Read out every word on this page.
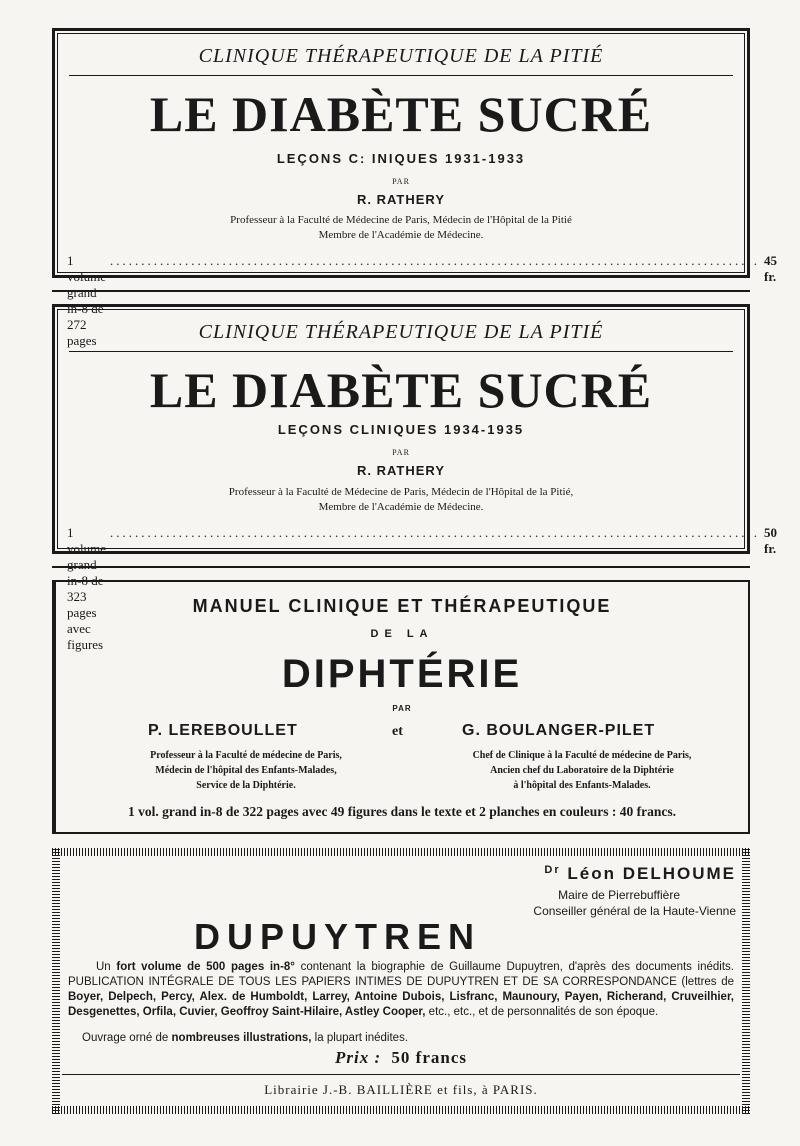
CLINIQUE THÉRAPEUTIQUE DE LA PITIÉ
LE DIABÈTE SUCRÉ
LEÇONS C: INIQUES 1931-1933
PAR
R. RATHERY
Professeur à la Faculté de Médecine de Paris, Médecin de l'Hôpital de la Pitié
Membre de l'Académie de Médecine.
1 volume grand in-8 de 272 pages
........................................................................................................ 45 fr.
CLINIQUE THÉRAPEUTIQUE DE LA PITIÉ
LE DIABÈTE SUCRÉ
LEÇONS CLINIQUES 1934-1935
PAR
R. RATHERY
Professeur à la Faculté de Médecine de Paris, Médecin de l'Hôpital de la Pitié,
Membre de l'Académie de Médecine.
1 volume grand in-8 de 323 pages avec figures
........................................................................................................ 50 fr.
MANUEL CLINIQUE ET THÉRAPEUTIQUE
DE LA
DIPHTÉRIE
PAR
P. LEREBOULLET	et	G. BOULANGER-PILET
Professeur à la Faculté de médecine de Paris,
Médecin de l'hôpital des Enfants-Malades,
Service de la Diphtérie.
Chef de Clinique à la Faculté de médecine de Paris,
Ancien chef du Laboratoire de la Diphtérie
à l'hôpital des Enfants-Malades.
1 vol. grand in-8 de 322 pages avec 49 figures dans le texte et 2 planches en couleurs : 40 francs.
$^{Dr}$ Léon DELHOUME
Maire de Pierrebuffière
Conseiller général de la Haute-Vienne
DUPUYTREN
Un fort volume de 500 pages in-8° contenant la biographie de Guillaume Dupuytren, d'après des documents inédits. PUBLICATION INTÉGRALE DE TOUS LES PAPIERS INTIMES DE DUPUYTREN ET DE SA CORRESPONDANCE (lettres de Boyer, Delpech, Percy, Alex. de Humboldt, Larrey, Antoine Dubois, Lisfranc, Maunoury, Payen, Richerand, Cruveilhier, Desgenettes, Orfila, Cuvier, Geoffroy Saint-Hilaire, Astley Cooper, etc., etc., et de personnalités de son époque.
Ouvrage orné de nombreuses illustrations, la plupart inédites.
Prix : 50 francs
Librairie J.-B. BAILLIÈRE et fils, à PARIS.
